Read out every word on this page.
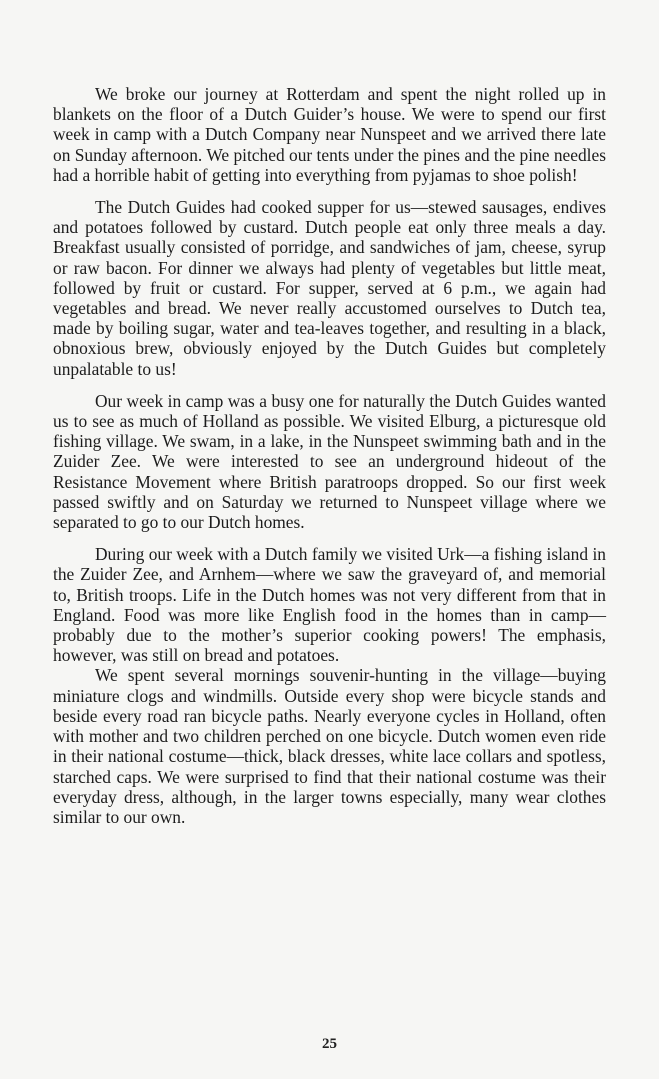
We broke our journey at Rotterdam and spent the night rolled up in blankets on the floor of a Dutch Guider’s house. We were to spend our first week in camp with a Dutch Company near Nunspeet and we arrived there late on Sunday afternoon. We pitched our tents under the pines and the pine needles had a horrible habit of getting into everything from pyjamas to shoe polish!

The Dutch Guides had cooked supper for us—stewed sausages, endives and potatoes followed by custard. Dutch people eat only three meals a day. Breakfast usually consisted of porridge, and sandwiches of jam, cheese, syrup or raw bacon. For dinner we always had plenty of vegetables but little meat, followed by fruit or custard. For supper, served at 6 p.m., we again had vegetables and bread. We never really accustomed ourselves to Dutch tea, made by boiling sugar, water and tea-leaves together, and resulting in a black, obnoxious brew, obviously enjoyed by the Dutch Guides but completely unpalatable to us!

Our week in camp was a busy one for naturally the Dutch Guides wanted us to see as much of Holland as possible. We visited Elburg, a picturesque old fishing village. We swam, in a lake, in the Nunspeet swimming bath and in the Zuider Zee. We were interested to see an underground hideout of the Resistance Movement where British paratroops dropped. So our first week passed swiftly and on Saturday we returned to Nunspeet village where we separated to go to our Dutch homes.

During our week with a Dutch family we visited Urk—a fishing island in the Zuider Zee, and Arnhem—where we saw the graveyard of, and memorial to, British troops. Life in the Dutch homes was not very different from that in England. Food was more like English food in the homes than in camp—probably due to the mother’s superior cooking powers! The emphasis, however, was still on bread and potatoes.

We spent several mornings souvenir-hunting in the village—buying miniature clogs and windmills. Outside every shop were bicycle stands and beside every road ran bicycle paths. Nearly everyone cycles in Holland, often with mother and two children perched on one bicycle. Dutch women even ride in their national costume—thick, black dresses, white lace collars and spotless, starched caps. We were surprised to find that their national costume was their everyday dress, although, in the larger towns especially, many wear clothes similar to our own.

25
